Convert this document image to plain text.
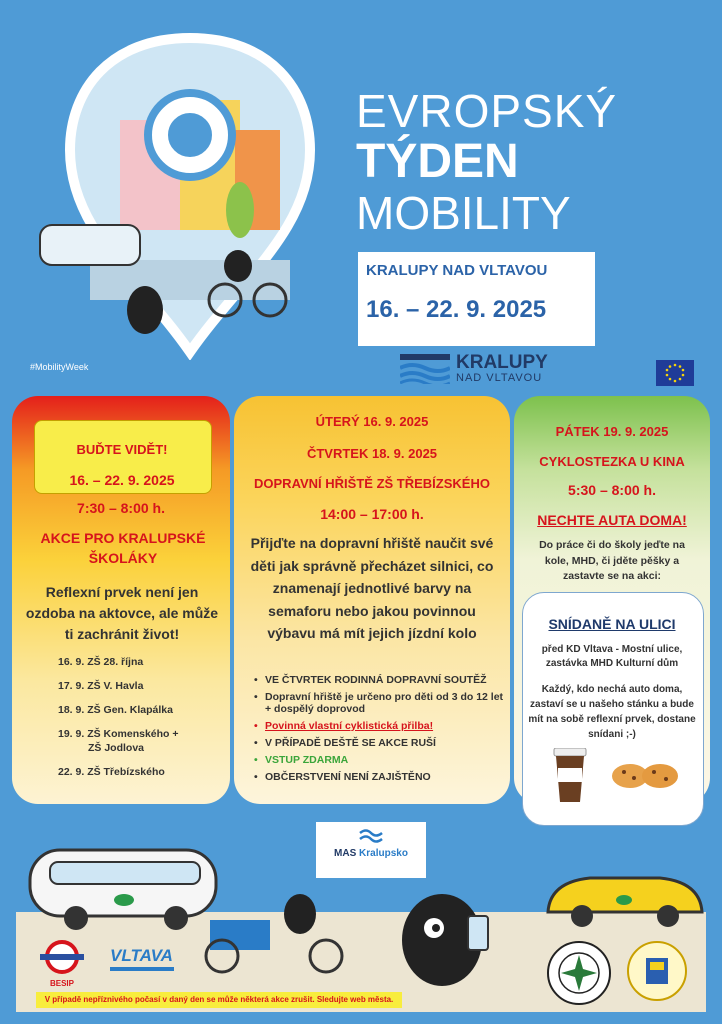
#MobilityWeek
EVROPSKÝ
TÝDEN
MOBILITY
KRALUPY NAD VLTAVOU
16. – 22. 9. 2025
KRALUPY
NAD VLTAVOU
BUĎTE VIDĚT!
16. – 22. 9. 2025
7:30 – 8:00 h.
AKCE PRO KRALUPSKÉ ŠKOLÁKY
Reflexní prvek není jen ozdoba na aktovce, ale může ti zachránit život!
16. 9. ZŠ 28. října
17. 9. ZŠ V. Havla
18. 9. ZŠ Gen. Klapálka
19. 9. ZŠ Komenského +
ZŠ Jodlova
22. 9. ZŠ Třebízského
ÚTERÝ 16. 9. 2025
ČTVRTEK 18. 9. 2025
DOPRAVNÍ HŘIŠTĚ ZŠ TŘEBÍZSKÉHO
14:00 – 17:00 h.
Přijďte na dopravní hřiště naučit své děti jak správně přecházet silnici, co znamenají jednotlivé barvy na semaforu nebo jakou povinnou výbavu má mít jejich jízdní kolo
• VE ČTVRTEK RODINNÁ DOPRAVNÍ SOUTĚŽ
• Dopravní hřiště je určeno pro děti od 3 do 12 let + dospělý doprovod
• Povinná vlastní cyklistická přilba!
• V PŘÍPADĚ DEŠTĚ SE AKCE RUŠÍ
• VSTUP ZDARMA
• OBČERSTVENÍ NENÍ ZAJIŠTĚNO
PÁTEK 19. 9. 2025
CYKLOSTEZKA U KINA
5:30 – 8:00 h.
NECHTE AUTA DOMA!
Do práce či do školy jeďte na kole, MHD, či jděte pěšky a zastavte se na akci:
SNÍDANĚ NA ULICI
před KD Vltava - Mostní ulice, zastávka MHD Kulturní dům
Každý, kdo nechá auto doma, zastaví se u našeho stánku a bude mít na sobě reflexní prvek, dostane snídani ;-)
MAS Kralupsko
BESIP
VLTAVA
V případě nepříznivého počasí v daný den se může některá akce zrušit. Sledujte web města.
